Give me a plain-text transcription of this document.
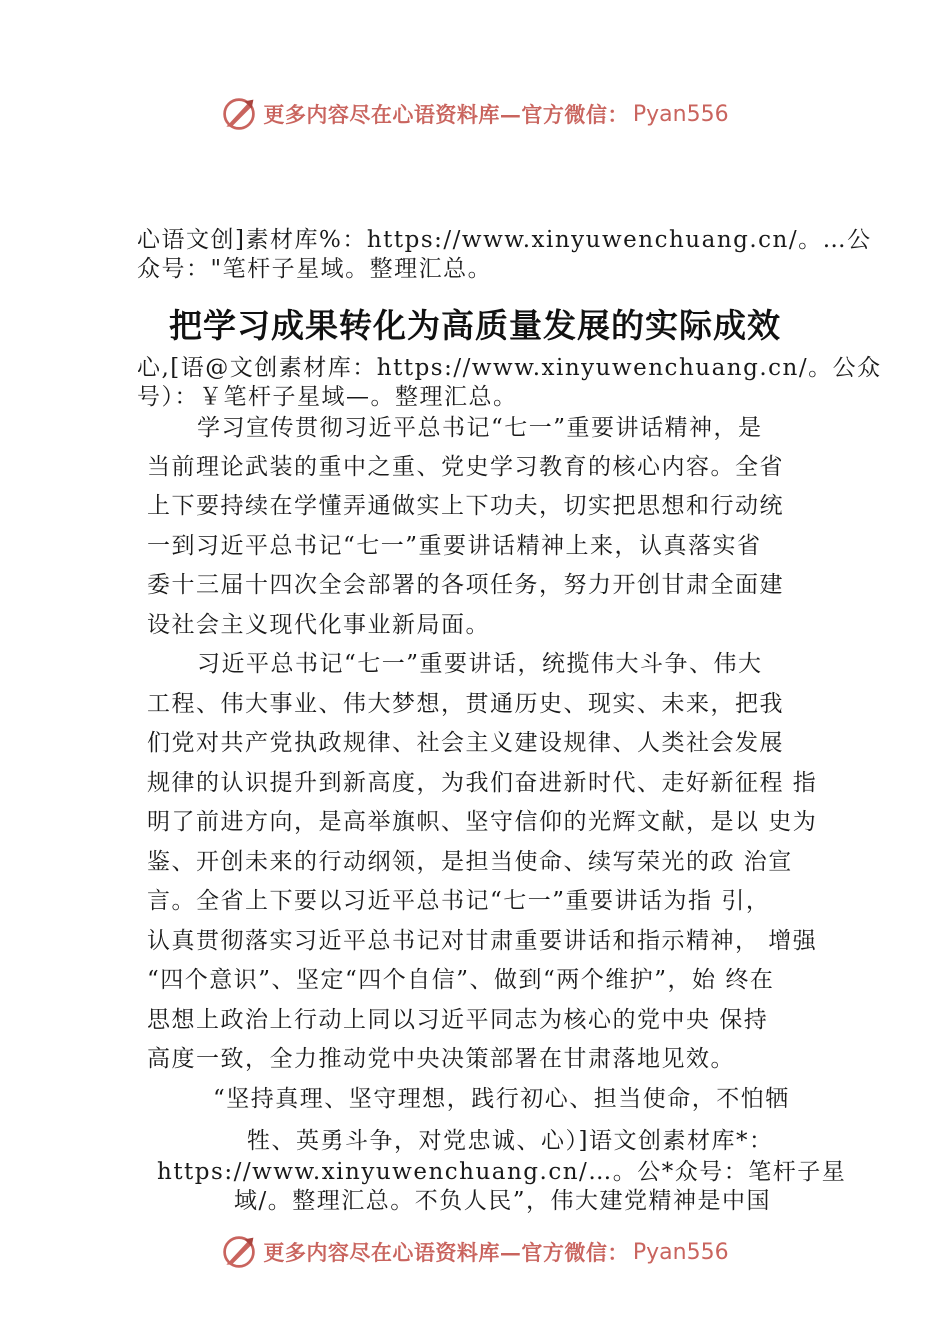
更多内容尽在心语资料库—官方微信： Pyan556
心语文创]素材库%：https://www.xinyuwenchuang.cn/。…公
众号："笔杆子星域。整理汇总。
把学习成果转化为高质量发展的实际成效
心,[语@文创素材库：https://www.xinyuwenchuang.cn/。公众
号）：￥笔杆子星域—。整理汇总。
学习宣传贯彻习近平总书记“七一”重要讲话精神，是
当前理论武装的重中之重、党史学习教育的核心内容。全省
上下要持续在学懂弄通做实上下功夫，切实把思想和行动统
一到习近平总书记“七一”重要讲话精神上来，认真落实省
委十三届十四次全会部署的各项任务，努力开创甘肃全面建
设社会主义现代化事业新局面。
习近平总书记“七一”重要讲话，统揽伟大斗争、伟大
工程、伟大事业、伟大梦想，贯通历史、现实、未来，把我
们党对共产党执政规律、社会主义建设规律、人类社会发展
规律的认识提升到新高度，为我们奋进新时代、走好新征程 指
明了前进方向，是高举旗帜、坚守信仰的光辉文献，是以 史为
鉴、开创未来的行动纲领，是担当使命、续写荣光的政 治宣
言。全省上下要以习近平总书记“七一”重要讲话为指 引，
认真贯彻落实习近平总书记对甘肃重要讲话和指示精神， 增强
“四个意识”、坚定“四个自信”、做到“两个维护”，始 终在
思想上政治上行动上同以习近平同志为核心的党中央 保持
高度一致，全力推动党中央决策部署在甘肃落地见效。
“坚持真理、坚守理想，践行初心、担当使命，不怕牺
牲、英勇斗争，对党忠诚、心）]语文创素材库*：
https://www.xinyuwenchuang.cn/…。公*众号：笔杆子星
域/。整理汇总。不负人民”，伟大建党精神是中国
更多内容尽在心语资料库—官方微信： Pyan556
